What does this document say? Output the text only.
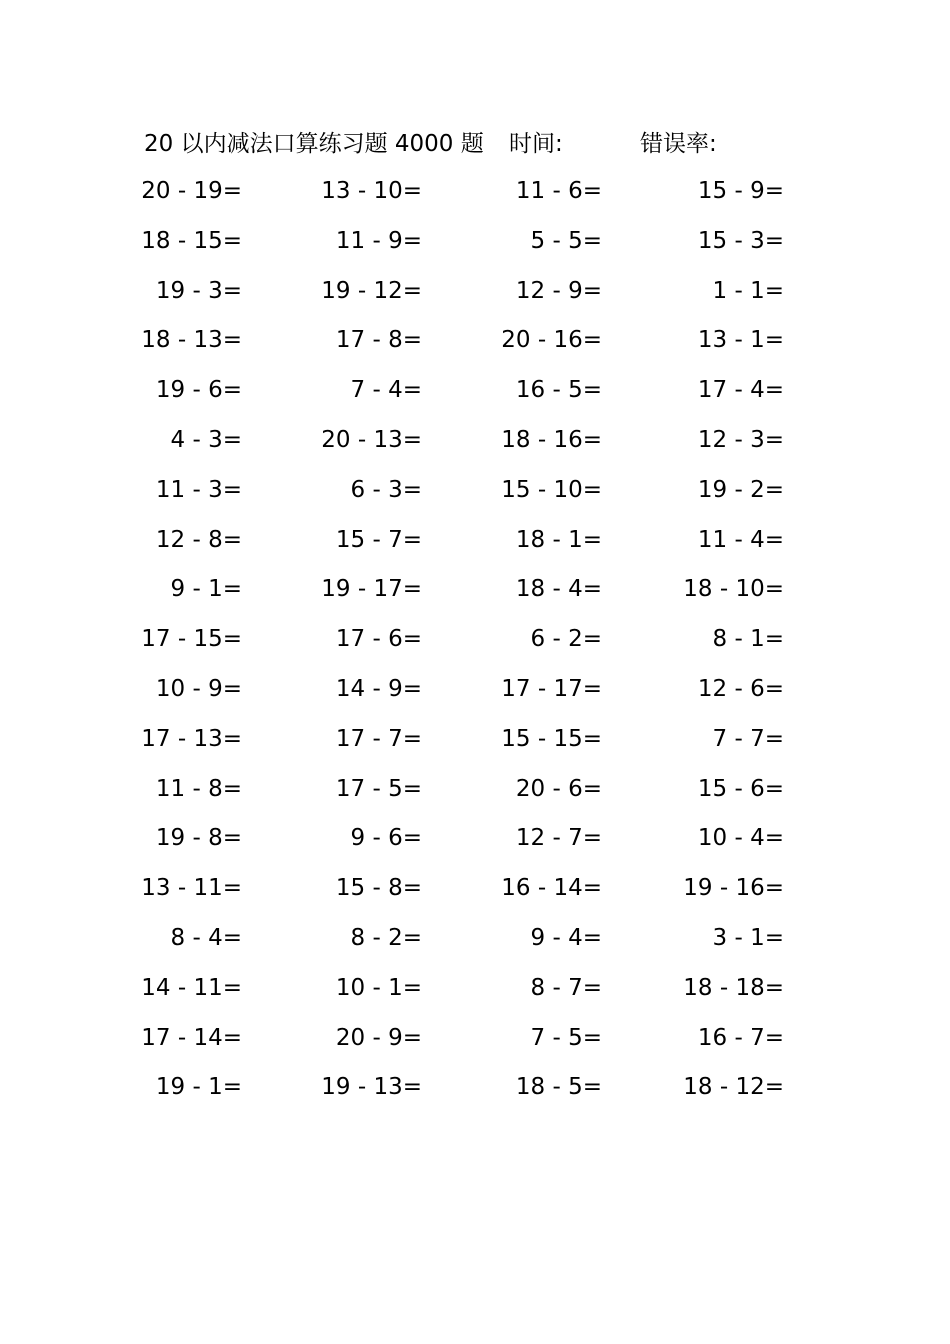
20 以内减法口算练习题 4000 题 时间:	错误率:
20 - 19=	13 - 10=	11 - 6=	15 - 9=
18 - 15=	11 - 9=	5 - 5=	15 - 3=
19 - 3=	19 - 12=	12 - 9=	1 - 1=
18 - 13=	17 - 8=	20 - 16=	13 - 1=
19 - 6=	7 - 4=	16 - 5=	17 - 4=
4 - 3=	20 - 13=	18 - 16=	12 - 3=
11 - 3=	6 - 3=	15 - 10=	19 - 2=
12 - 8=	15 - 7=	18 - 1=	11 - 4=
9 - 1=	19 - 17=	18 - 4=	18 - 10=
17 - 15=	17 - 6=	6 - 2=	8 - 1=
10 - 9=	14 - 9=	17 - 17=	12 - 6=
17 - 13=	17 - 7=	15 - 15=	7 - 7=
11 - 8=	17 - 5=	20 - 6=	15 - 6=
19 - 8=	9 - 6=	12 - 7=	10 - 4=
13 - 11=	15 - 8=	16 - 14=	19 - 16=
8 - 4=	8 - 2=	9 - 4=	3 - 1=
14 - 11=	10 - 1=	8 - 7=	18 - 18=
17 - 14=	20 - 9=	7 - 5=	16 - 7=
19 - 1=	19 - 13=	18 - 5=	18 - 12=
